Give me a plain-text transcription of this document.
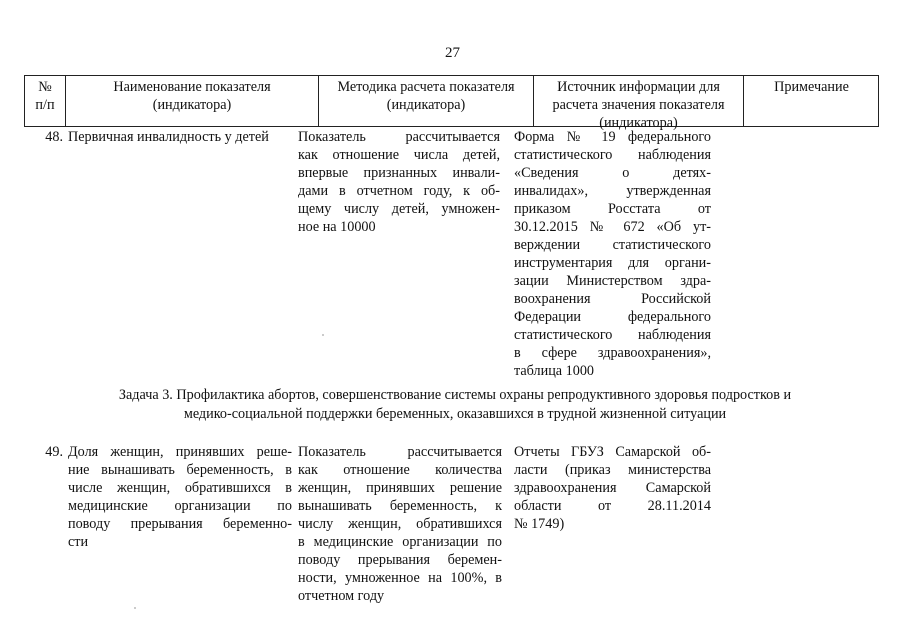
27
№
п/п
Наименование показателя
(индикатора)
Методика расчета показателя
(индикатора)
Источник информации для
расчета значения показателя
(индикатора)
Примечание
48. Первичная инвалидность у детей	Показатель рассчитывается
как отношение числа детей,
впервые признанных инвали-
дами в отчетном году, к об-
щему числу детей, умножен-
ное на 10000
Форма № 19 федерального
статистического наблюдения
«Сведения о детях-
инвалидах», утвержденная
приказом Росстата от
30.12.2015 № 672 «Об ут-
верждении статистического
инструментария для органи-
зации Министерством здра-
воохранения Российской
Федерации федерального
статистического наблюдения
в сфере здравоохранения»,
таблица 1000
Задача 3. Профилактика абортов, совершенствование системы охраны репродуктивного здоровья подростков и
медико-социальной поддержки беременных, оказавшихся в трудной жизненной ситуации
49. Доля женщин, принявших реше-
ние вынашивать беременность, в
числе женщин, обратившихся в
медицинские организации по
поводу прерывания беременно-
сти
Показатель рассчитывается
как отношение количества
женщин, принявших решение
вынашивать беременность, к
числу женщин, обратившихся
в медицинские организации по
поводу прерывания беремен-
ности, умноженное на 100%, в
отчетном году
Отчеты ГБУЗ Самарской об-
ласти (приказ министерства
здравоохранения Самарской
области от 28.11.2014
№ 1749)
